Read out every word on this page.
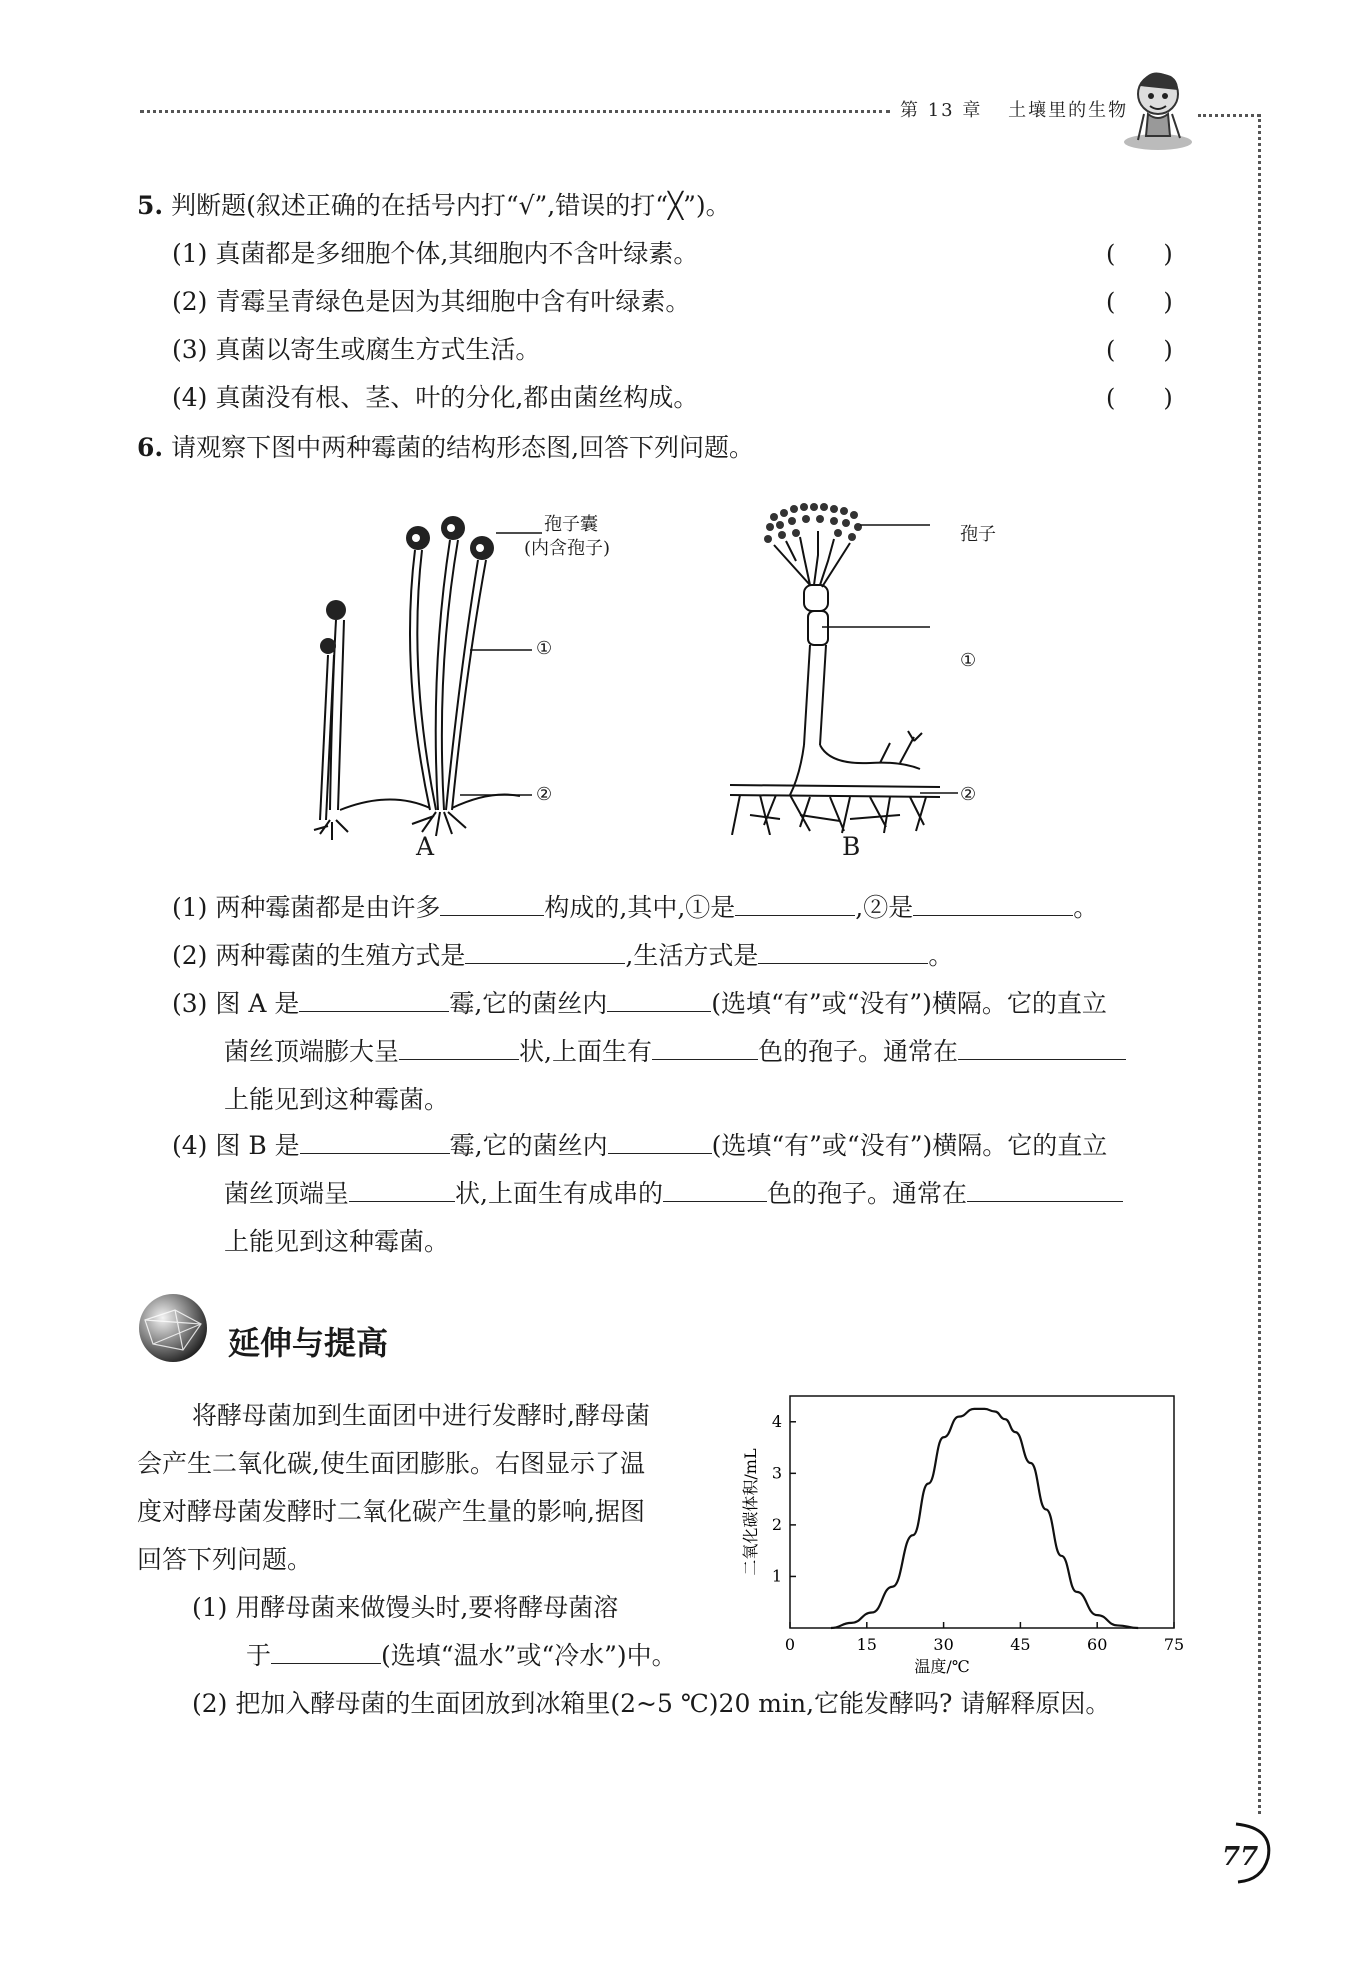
第 13 章 土壤里的生物
5. 判断题(叙述正确的在括号内打“√”,错误的打“╳”)。
(1) 真菌都是多细胞个体,其细胞内不含叶绿素。	(　　)
(2) 青霉呈青绿色是因为其细胞中含有叶绿素。	(　　)
(3) 真菌以寄生或腐生方式生活。	(　　)
(4) 真菌没有根、茎、叶的分化,都由菌丝构成。	(　　)
6. 请观察下图中两种霉菌的结构形态图,回答下列问题。
孢子囊
(内含孢子)
①
②
A
孢子
①
②
B
(1) 两种霉菌都是由许多	构成的,其中,①是	,②是	。
(2) 两种霉菌的生殖方式是	,生活方式是	。
(3) 图 A 是	霉,它的菌丝内	(选填“有”或“没有”)横隔。它的直立
菌丝顶端膨大呈	状,上面生有	色的孢子。通常在
上能见到这种霉菌。
(4) 图 B 是	霉,它的菌丝内	(选填“有”或“没有”)横隔。它的直立
菌丝顶端呈	状,上面生有成串的	色的孢子。通常在
上能见到这种霉菌。
延伸与提高
将酵母菌加到生面团中进行发酵时,酵母菌
会产生二氧化碳,使生面团膨胀。右图显示了温
度对酵母菌发酵时二氧化碳产生量的影响,据图
回答下列问题。
(1) 用酵母菌来做馒头时,要将酵母菌溶
于	(选填“温水”或“冷水”)中。
(2) 把加入酵母菌的生面团放到冰箱里(2~5 ℃)20 min,它能发酵吗? 请解释原因。
1
2
3
4
0	15	30	45	60	75
二氧化碳体积/mL
温度/℃
77
